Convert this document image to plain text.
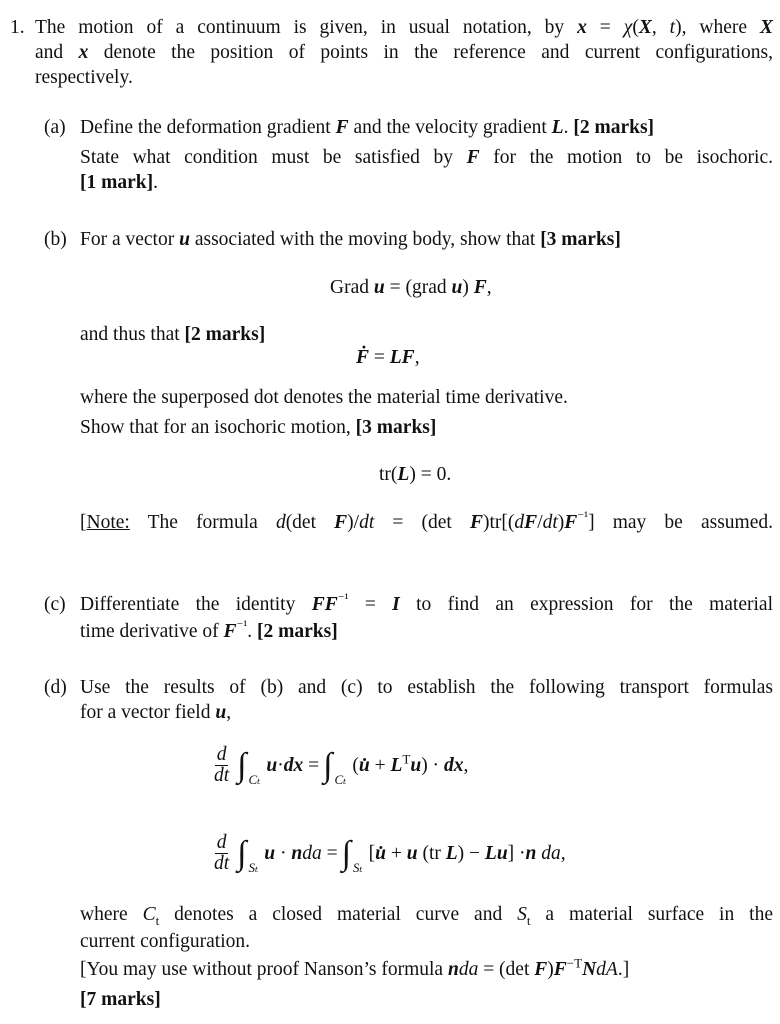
1. The motion of a continuum is given, in usual notation, by x = χ(X, t), where X
and x denote the position of points in the reference and current configurations,
respectively.
(a) Define the deformation gradient F and the velocity gradient L. [2 marks]
State what condition must be satisfied by F for the motion to be isochoric.
[1 mark].
(b) For a vector u associated with the moving body, show that [3 marks]
Grad u = (grad u) F,
and thus that [2 marks]
Ḟ = LF,
where the superposed dot denotes the material time derivative.
Show that for an isochoric motion, [3 marks]
tr(L) = 0.
[Note: The formula d(det F)/dt = (det $F)tr[(dF/dt)F^{^{-1}}]$ may be assumed.
(c) Differentiate the identity $FF^{^{-1}} = I$ to find an expression for the material
time derivative of $F^{^{-1}}$. [2 marks]
(d) Use the results of (b) and (c) to establish the following transport formulas
for a vector field u,
$\frac{d}{dt}$ ∫ Cₜ
u·dx = ∫ Cₜ
(u̇ + $L^Tu$) · dx,
$\frac{d}{dt}$ ∫ Sₜ
u · nda = ∫ Sₜ
[u̇ + u (tr L) − Lu] ·n da,
where $C_t$ denotes a closed material curve and $S_t$ a material surface in the
current configuration.
[You may use without proof Nanson’s formula nda = (det $F)F^{-T}NdA$.]
[7 marks]
